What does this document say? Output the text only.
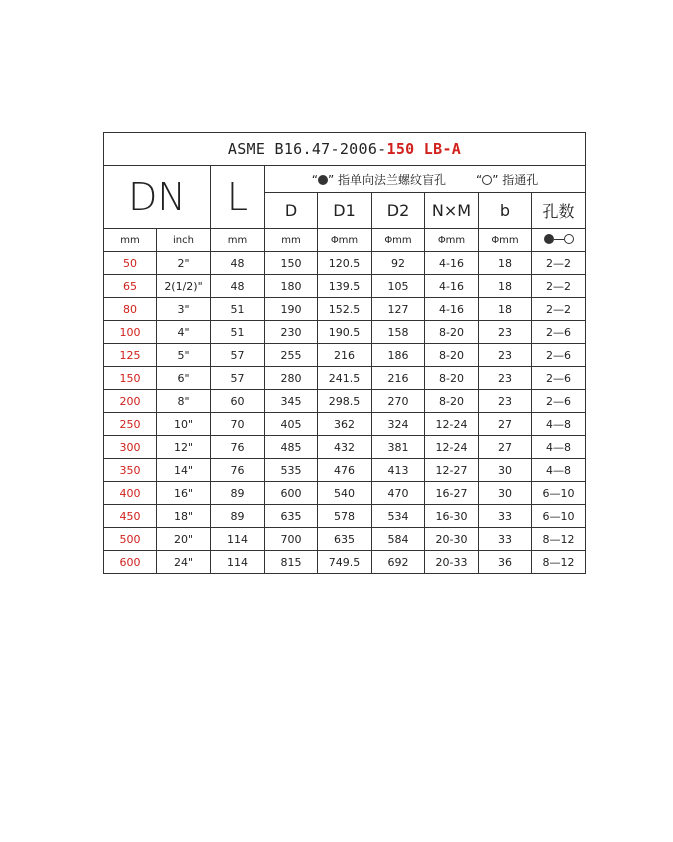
ASME B16.47-2006-150 LB-A								
DN		L	“ ” 指单向法兰螺纹盲孔 “ ” 指通孔					
			D	D1	D2	N×M	b	孔数
mm	inch	mm	mm	Φmm	Φmm	Φmm	Φmm	
50	2"	48	150	120.5	92	4-16	18	2—2
65	2(1/2)"	48	180	139.5	105	4-16	18	2—2
80	3"	51	190	152.5	127	4-16	18	2—2
100	4"	51	230	190.5	158	8-20	23	2—6
125	5"	57	255	216	186	8-20	23	2—6
150	6"	57	280	241.5	216	8-20	23	2—6
200	8"	60	345	298.5	270	8-20	23	2—6
250	10"	70	405	362	324	12-24	27	4—8
300	12"	76	485	432	381	12-24	27	4—8
350	14"	76	535	476	413	12-27	30	4—8
400	16"	89	600	540	470	16-27	30	6—10
450	18"	89	635	578	534	16-30	33	6—10
500	20"	114	700	635	584	20-30	33	8—12
600	24"	114	815	749.5	692	20-33	36	8—12
